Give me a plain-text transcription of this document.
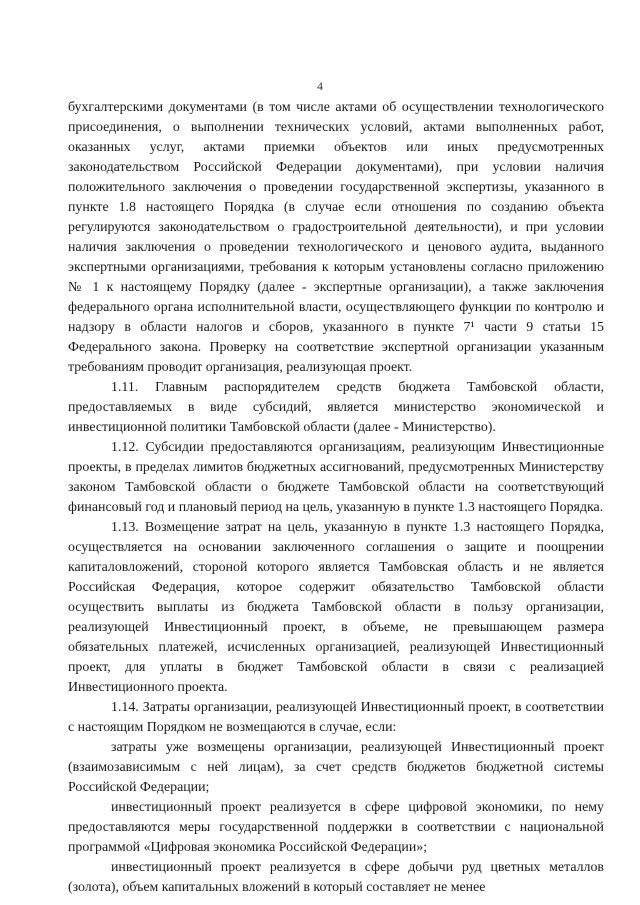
4

бухгалтерскими документами (в том числе актами об осуществлении технологического присоединения, о выполнении технических условий, актами выполненных работ, оказанных услуг, актами приемки объектов или иных предусмотренных законодательством Российской Федерации документами), при условии наличия положительного заключения о проведении государственной экспертизы, указанного в пункте 1.8 настоящего Порядка (в случае если отношения по созданию объекта регулируются законодательством о градостроительной деятельности), и при условии наличия заключения о проведении технологического и ценового аудита, выданного экспертными организациями, требования к которым установлены согласно приложению № 1 к настоящему Порядку (далее - экспертные организации), а также заключения федерального органа исполнительной власти, осуществляющего функции по контролю и надзору в области налогов и сборов, указанного в пункте 7¹ части 9 статьи 15 Федерального закона. Проверку на соответствие экспертной организации указанным требованиям проводит организация, реализующая проект.

1.11. Главным распорядителем средств бюджета Тамбовской области, предоставляемых в виде субсидий, является министерство экономической и инвестиционной политики Тамбовской области (далее - Министерство).

1.12. Субсидии предоставляются организациям, реализующим Инвестиционные проекты, в пределах лимитов бюджетных ассигнований, предусмотренных Министерству законом Тамбовской области о бюджете Тамбовской области на соответствующий финансовый год и плановый период на цель, указанную в пункте 1.3 настоящего Порядка.

1.13. Возмещение затрат на цель, указанную в пункте 1.3 настоящего Порядка, осуществляется на основании заключенного соглашения о защите и поощрении капиталовложений, стороной которого является Тамбовская область и не является Российская Федерация, которое содержит обязательство Тамбовской области осуществить выплаты из бюджета Тамбовской области в пользу организации, реализующей Инвестиционный проект, в объеме, не превышающем размера обязательных платежей, исчисленных организацией, реализующей Инвестиционный проект, для уплаты в бюджет Тамбовской области в связи с реализацией Инвестиционного проекта.

1.14. Затраты организации, реализующей Инвестиционный проект, в соответствии с настоящим Порядком не возмещаются в случае, если:

затраты уже возмещены организации, реализующей Инвестиционный проект (взаимозависимым с ней лицам), за счет средств бюджетов бюджетной системы Российской Федерации;

инвестиционный проект реализуется в сфере цифровой экономики, по нему предоставляются меры государственной поддержки в соответствии с национальной программой «Цифровая экономика Российской Федерации»;

инвестиционный проект реализуется в сфере добычи руд цветных металлов (золота), объем капитальных вложений в который составляет не менее
